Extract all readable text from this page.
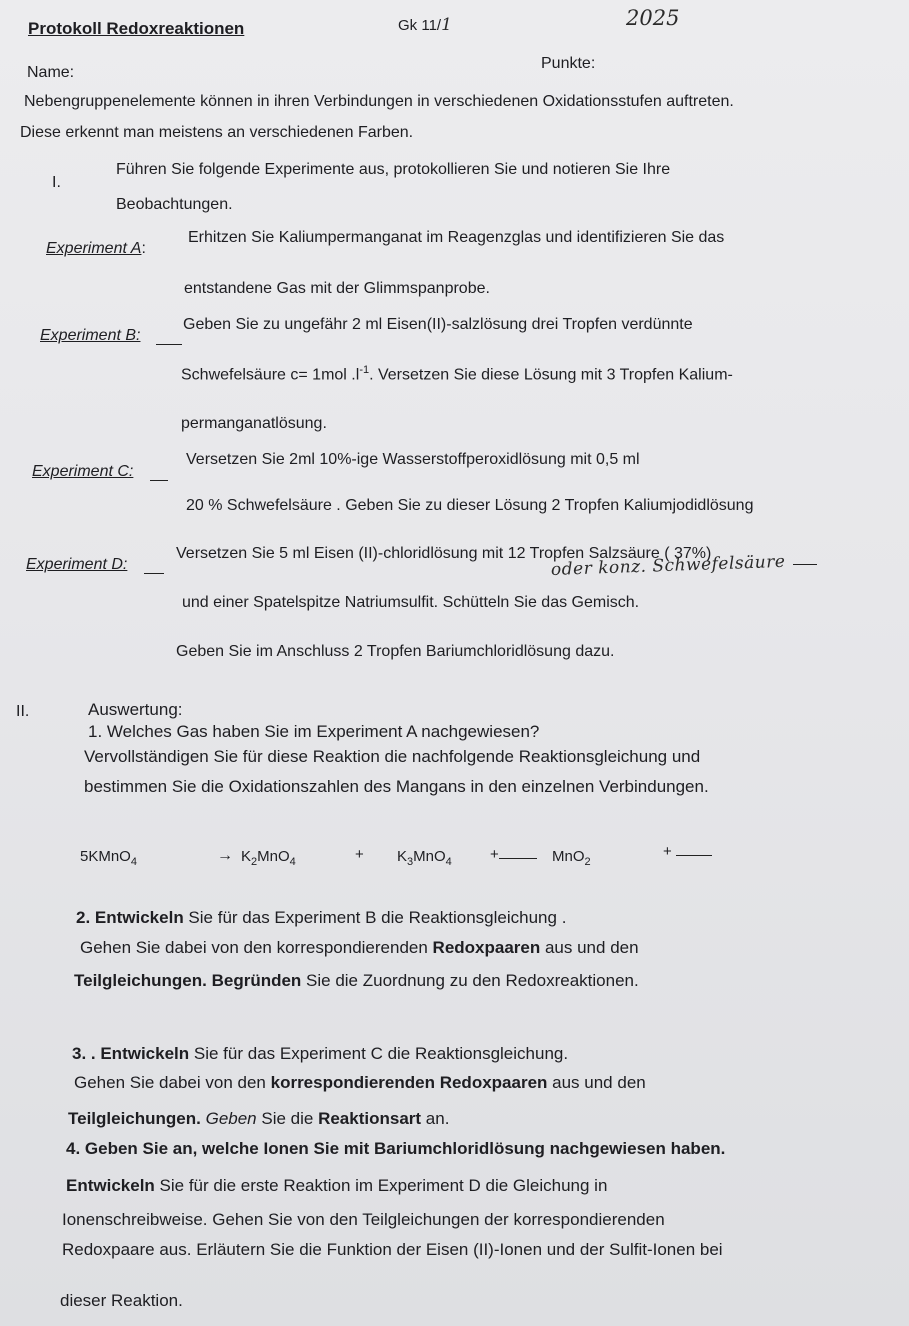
Protokoll Redoxreaktionen	Gk 11/1	2025
Name:
Punkte:
Nebengruppenelemente können in ihren Verbindungen in verschiedenen Oxidationsstufen auftreten.
Diese erkennt man meistens an verschiedenen Farben.
I.
Führen Sie folgende Experimente aus, protokollieren Sie und notieren Sie Ihre
Beobachtungen.
Experiment A:
Erhitzen Sie Kaliumpermanganat im Reagenzglas und identifizieren Sie das
entstandene Gas mit der Glimmspanprobe.
Experiment B:
Geben Sie zu ungefähr 2 ml Eisen(II)-salzlösung drei Tropfen verdünnte
Schwefelsäure c= 1mol $.l^{-1}$. Versetzen Sie diese Lösung mit 3 Tropfen Kalium-
permanganatlösung.
Experiment C:
Versetzen Sie 2ml 10%-ige Wasserstoffperoxidlösung mit 0,5 ml
20 % Schwefelsäure . Geben Sie zu dieser Lösung 2 Tropfen Kaliumjodidlösung
Experiment D:
Versetzen Sie 5 ml Eisen (II)-chloridlösung mit 12 Tropfen Salzsäure ( 37%)
oder konz. Schwefelsäure
und einer Spatelspitze Natriumsulfit. Schütteln Sie das Gemisch.
Geben Sie im Anschluss 2 Tropfen Bariumchloridlösung dazu.
II.	Auswertung:
1. Welches Gas haben Sie im Experiment A nachgewiesen?
Vervollständigen Sie für diese Reaktion die nachfolgende Reaktionsgleichung und
bestimmen Sie die Oxidationszahlen des Mangans in den einzelnen Verbindungen.
5KMnO$_4$	→ $K_2MnO_4$	+ $K_3MnO_4$	+	MnO$_2$
+
2. Entwickeln Sie für das Experiment B die Reaktionsgleichung .
Gehen Sie dabei von den korrespondierenden Redoxpaaren aus und den
Teilgleichungen. Begründen Sie die Zuordnung zu den Redoxreaktionen.
3. . Entwickeln Sie für das Experiment C die Reaktionsgleichung.
Gehen Sie dabei von den korrespondierenden Redoxpaaren aus und den
Teilgleichungen. Geben Sie die Reaktionsart an.
4. Geben Sie an, welche Ionen Sie mit Bariumchloridlösung nachgewiesen haben.
Entwickeln Sie für die erste Reaktion im Experiment D die Gleichung in
Ionenschreibweise. Gehen Sie von den Teilgleichungen der korrespondierenden
Redoxpaare aus. Erläutern Sie die Funktion der Eisen (II)-Ionen und der Sulfit-Ionen bei
dieser Reaktion.
